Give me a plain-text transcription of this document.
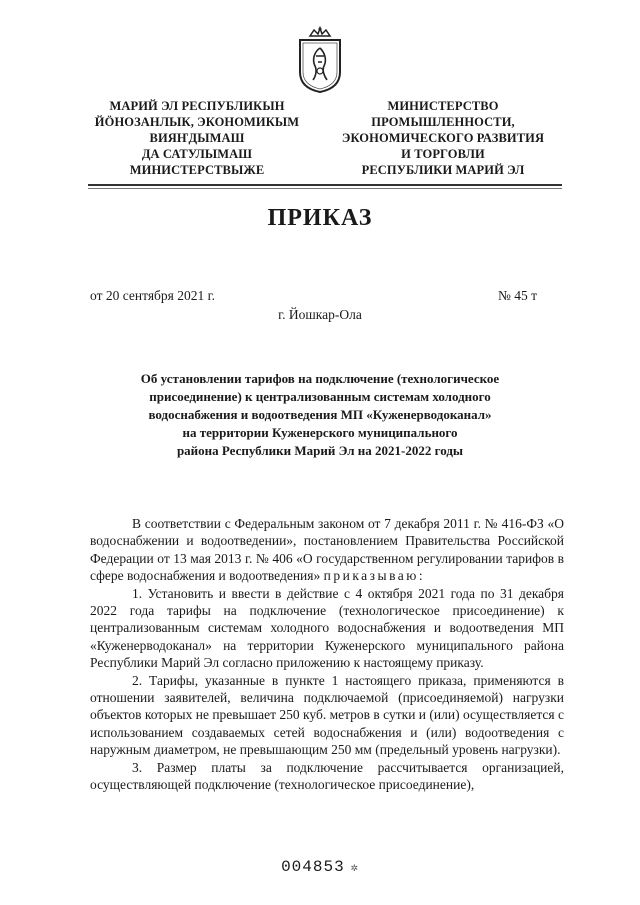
МАРИЙ ЭЛ РЕСПУБЛИКЫН
ЙÖНОЗАНЛЫК, ЭКОНОМИКЫМ
ВИЯҤДЫМАШ
ДА САТУЛЫМАШ
МИНИСТЕРСТВЫЖЕ
МИНИСТЕРСТВО
ПРОМЫШЛЕННОСТИ,
ЭКОНОМИЧЕСКОГО РАЗВИТИЯ
И ТОРГОВЛИ
РЕСПУБЛИКИ МАРИЙ ЭЛ
ПРИКАЗ
от 20 сентября 2021 г.	№ 45 т
г. Йошкар-Ола
Об установлении тарифов на подключение (технологическое
присоединение) к централизованным системам холодного
водоснабжения и водоотведения МП «Куженерводоканал»
на территории Куженерского муниципального
района Республики Марий Эл на 2021-2022 годы

В соответствии с Федеральным законом от 7 декабря 2011 г. № 416-ФЗ «О водоснабжении и водоотведении», постановлением Правительства Российской Федерации от 13 мая 2013 г. № 406 «О государственном регулировании тарифов в сфере водоснабжения и водоотведения» приказываю:

1. Установить и ввести в действие с 4 октября 2021 года по 31 декабря 2022 года тарифы на подключение (технологическое присоединение) к централизованным системам холодного водоснабжения и водоотведения МП «Куженерводоканал» на территории Куженерского муниципального района Республики Марий Эл согласно приложению к настоящему приказу.

2. Тарифы, указанные в пункте 1 настоящего приказа, применяются в отношении заявителей, величина подключаемой (присоединяемой) нагрузки объектов которых не превышает 250 куб. метров в сутки и (или) осуществляется с использованием создаваемых сетей водоснабжения и (или) водоотведения с наружным диаметром, не превышающим 250 мм (предельный уровень нагрузки).

3. Размер платы за подключение рассчитывается организацией, осуществляющей подключение (технологическое присоединение),

004853 ✲
